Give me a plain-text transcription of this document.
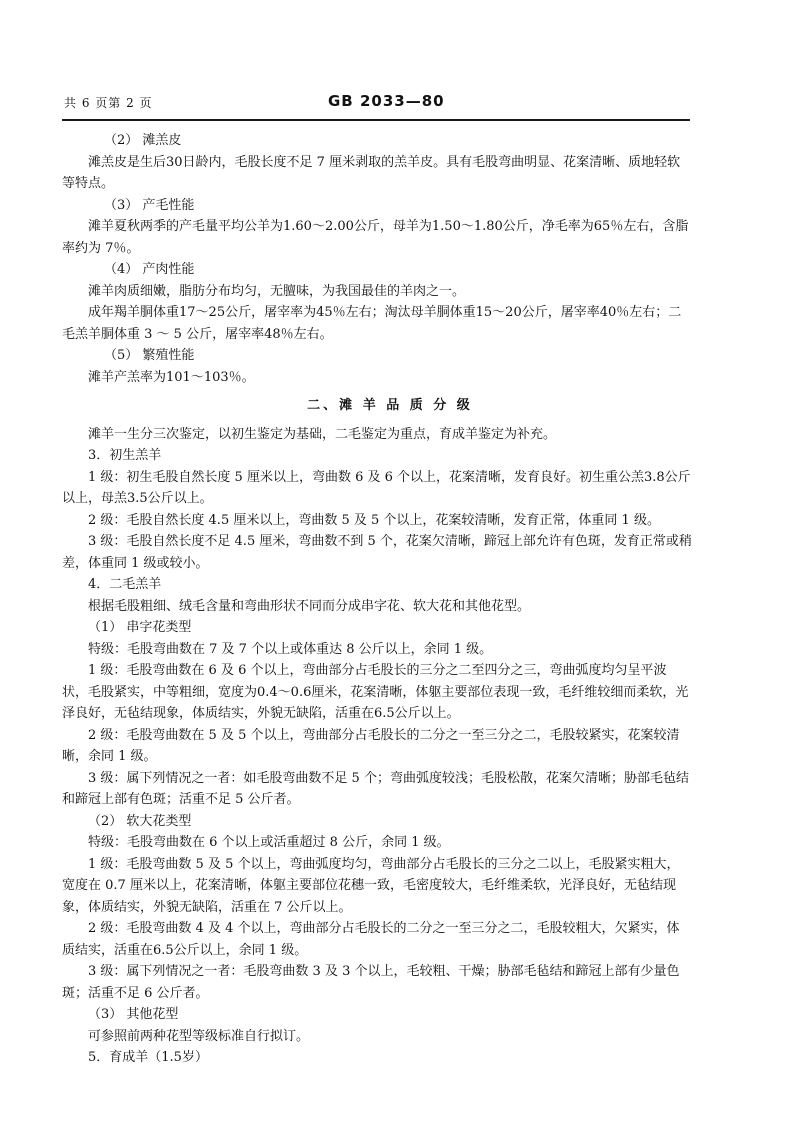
共 6 页第 2 页	GB 2033—80

（2） 滩羔皮

滩羔皮是生后30日龄内，毛股长度不足 7 厘米剥取的羔羊皮。具有毛股弯曲明显、花案清晰、质地轻软等特点。

（3） 产毛性能

滩羊夏秋两季的产毛量平均公羊为1.60～2.00公斤，母羊为1.50～1.80公斤，净毛率为65％左右，含脂率约为 7％。

（4） 产肉性能

滩羊肉质细嫩，脂肪分布均匀，无膻味，为我国最佳的羊肉之一。

成年羯羊胴体重17～25公斤，屠宰率为45％左右；淘汰母羊胴体重15～20公斤，屠宰率40％左右；二毛羔羊胴体重 3 ～ 5 公斤，屠宰率48％左右。

（5） 繁殖性能

滩羊产羔率为101～103％。

二、滩 羊 品 质 分 级

滩羊一生分三次鉴定，以初生鉴定为基础，二毛鉴定为重点，育成羊鉴定为补充。

3．初生羔羊

1 级：初生毛股自然长度 5 厘米以上，弯曲数 6 及 6 个以上，花案清晰，发育良好。初生重公羔3.8公斤以上，母羔3.5公斤以上。

2 级：毛股自然长度 4.5 厘米以上，弯曲数 5 及 5 个以上，花案较清晰，发育正常，体重同 1 级。

3 级：毛股自然长度不足 4.5 厘米，弯曲数不到 5 个，花案欠清晰，蹄冠上部允许有色斑，发育正常或稍差，体重同 1 级或较小。

4．二毛羔羊

根据毛股粗细、绒毛含量和弯曲形状不同而分成串字花、软大花和其他花型。

（1） 串字花类型

特级：毛股弯曲数在 7 及 7 个以上或体重达 8 公斤以上，余同 1 级。

1 级：毛股弯曲数在 6 及 6 个以上，弯曲部分占毛股长的三分之二至四分之三，弯曲弧度均匀呈平波状，毛股紧实，中等粗细，宽度为0.4～0.6厘米，花案清晰，体躯主要部位表现一致，毛纤维较细而柔软，光泽良好，无毡结现象，体质结实，外貌无缺陷，活重在6.5公斤以上。

2 级：毛股弯曲数在 5 及 5 个以上，弯曲部分占毛股长的二分之一至三分之二，毛股较紧实，花案较清晰，余同 1 级。

3 级：属下列情况之一者：如毛股弯曲数不足 5 个；弯曲弧度较浅；毛股松散，花案欠清晰；胁部毛毡结和蹄冠上部有色斑；活重不足 5 公斤者。

（2） 软大花类型

特级：毛股弯曲数在 6 个以上或活重超过 8 公斤，余同 1 级。

1 级：毛股弯曲数 5 及 5 个以上，弯曲弧度均匀，弯曲部分占毛股长的三分之二以上，毛股紧实粗大，宽度在 0.7 厘米以上，花案清晰，体躯主要部位花穗一致，毛密度较大，毛纤维柔软，光泽良好，无毡结现象，体质结实，外貌无缺陷，活重在 7 公斤以上。

2 级：毛股弯曲数 4 及 4 个以上，弯曲部分占毛股长的二分之一至三分之二，毛股较粗大，欠紧实，体质结实，活重在6.5公斤以上，余同 1 级。

3 级：属下列情况之一者：毛股弯曲数 3 及 3 个以上，毛较粗、干燥；胁部毛毡结和蹄冠上部有少量色斑；活重不足 6 公斤者。

（3） 其他花型

可参照前两种花型等级标准自行拟订。

5．育成羊（1.5岁）
